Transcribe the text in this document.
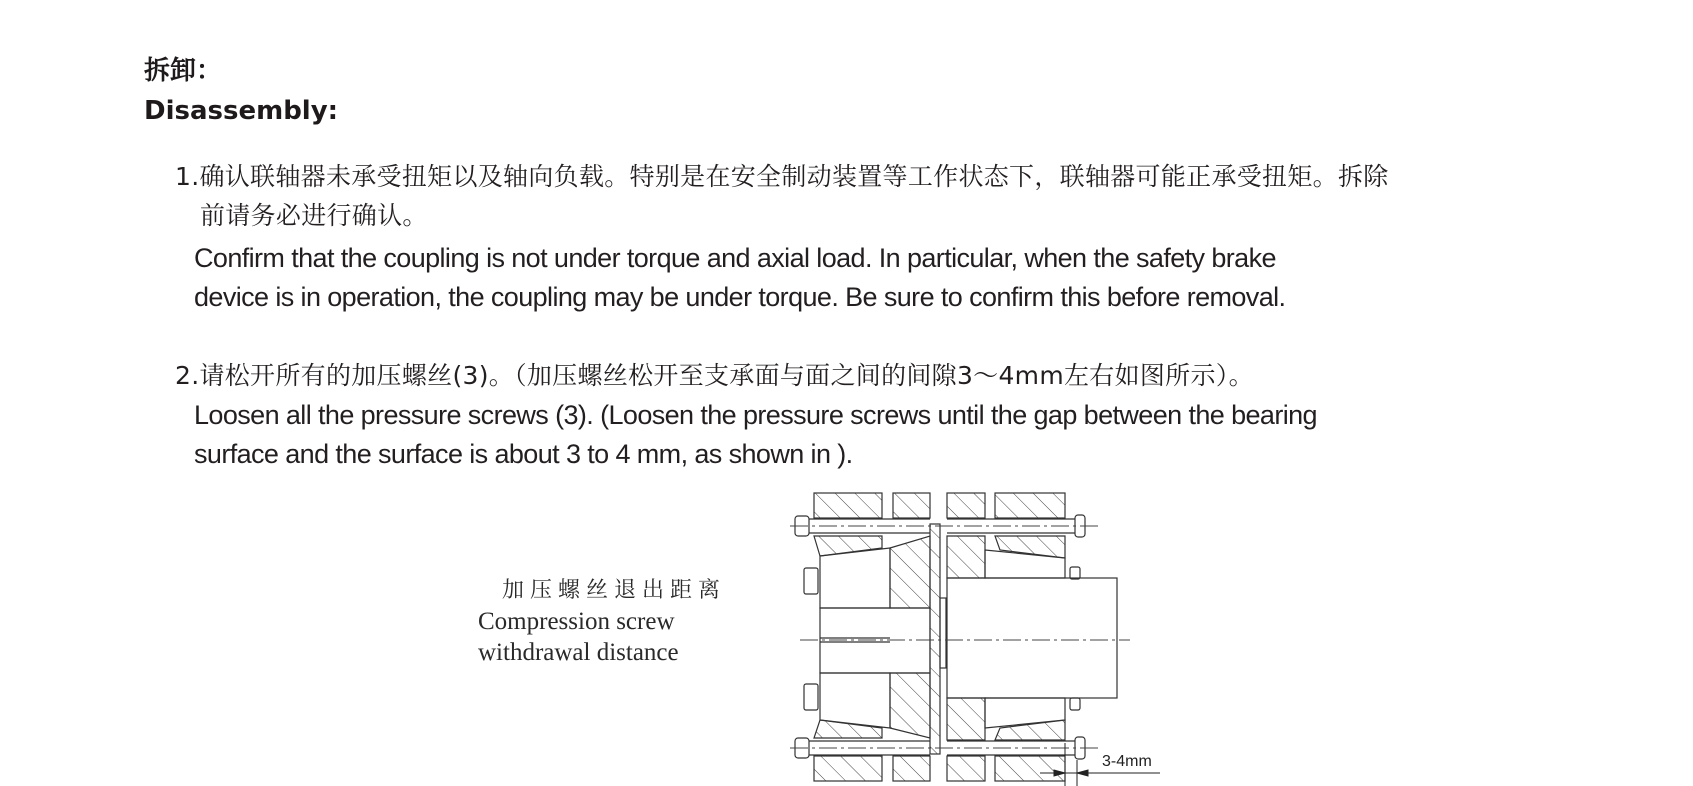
拆卸：
Disassembly:
1.确认联轴器未承受扭矩以及轴向负载。特别是在安全制动装置等工作状态下，联轴器可能正承受扭矩。拆除
前请务必进行确认。
Confirm that the coupling is not under torque and axial load. In particular, when the safety brake
device is in operation, the coupling may be under torque. Be sure to confirm this before removal.
2.请松开所有的加压螺丝(3)。（加压螺丝松开至支承面与面之间的间隙3～4mm左右如图所示）。
Loosen all the pressure screws (3). (Loosen the pressure screws until the gap between the bearing
surface and the surface is about 3 to 4 mm, as shown in ).
加压螺丝退出距离
Compression screw
withdrawal distance
3-4mm
